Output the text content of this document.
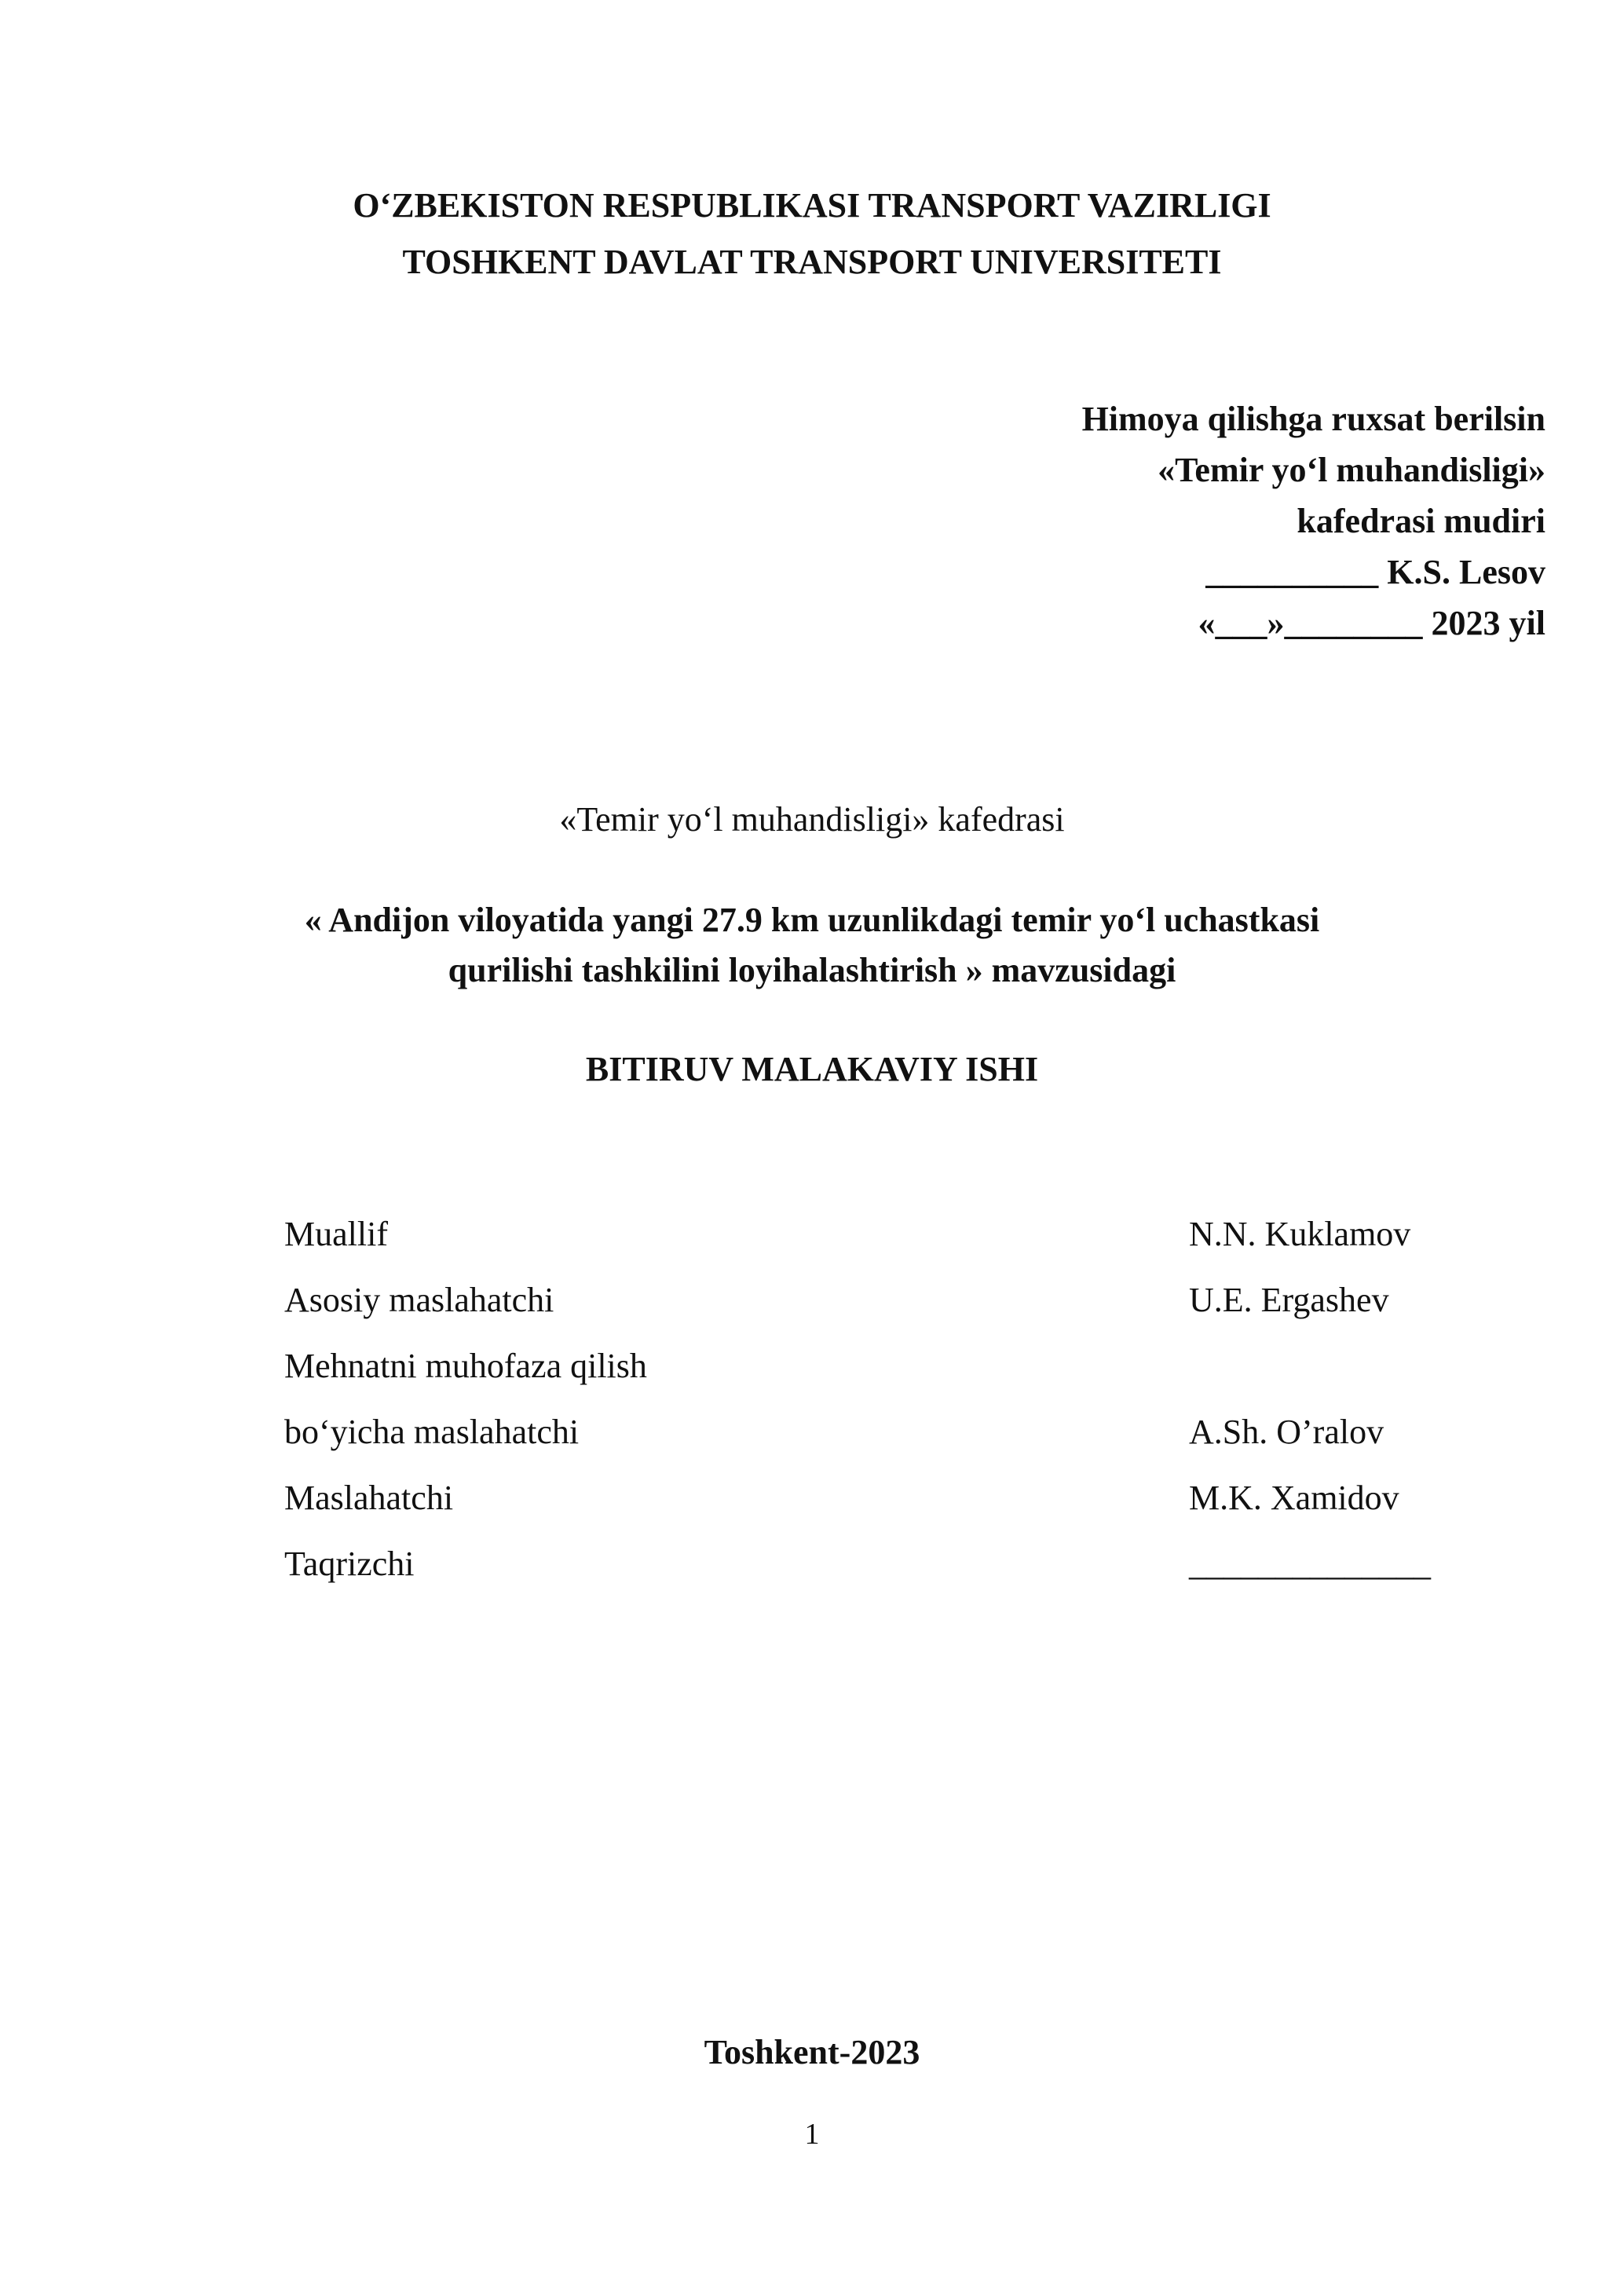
O‘ZBEKISTON RESPUBLIKASI TRANSPORT VAZIRLIGI
TOSHKENT DAVLAT TRANSPORT UNIVERSITETI
Himoya qilishga ruxsat berilsin
«Temir yo‘l muhandisligi»
kafedrasi mudiri
__________ K.S. Lesov
«___»________ 2023 yil
«Temir yo‘l muhandisligi» kafedrasi
« Andijon viloyatida yangi 27.9 km uzunlikdagi temir yo‘l uchastkasi
qurilishi tashkilini loyihalashtirish » mavzusidagi
BITIRUV MALAKAVIY ISHI
Muallif	N.N. Kuklamov
Asosiy maslahatchi	U.E. Ergashev
Mehnatni muhofaza qilish
bo‘yicha maslahatchi	A.Sh. O’ralov
Maslahatchi	M.K. Xamidov
Taqrizchi	______________
Toshkent-2023
1
